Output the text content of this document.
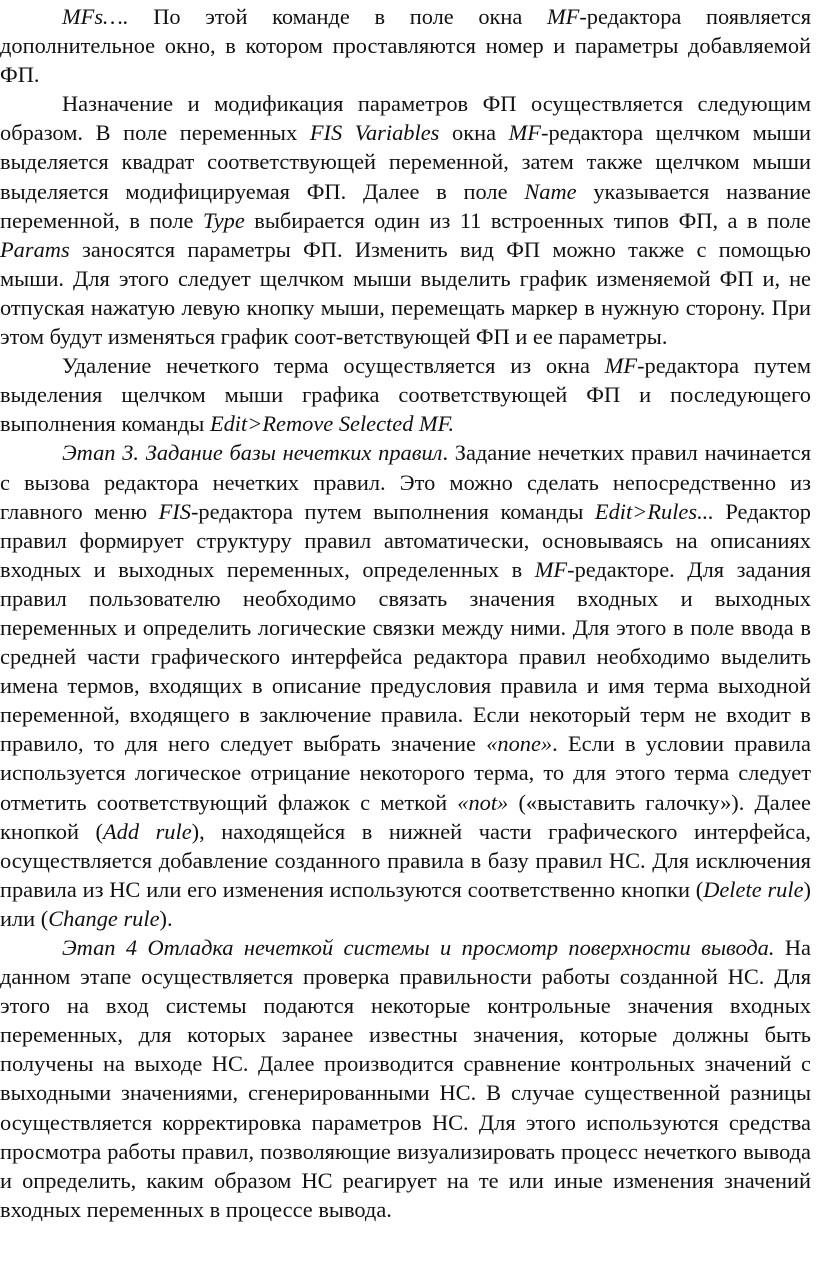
MFs…. По этой команде в поле окна MF-редактора появляется дополнительное окно, в котором проставляются номер и параметры добавляемой ФП.

Назначение и модификация параметров ФП осуществляется следующим образом. В поле переменных FIS Variables окна MF-редактора щелчком мыши выделяется квадрат соответствующей переменной, затем также щелчком мыши выделяется модифицируемая ФП. Далее в поле Name указывается название переменной, в поле Type выбирается один из 11 встроенных типов ФП, а в поле Params заносятся параметры ФП. Изменить вид ФП можно также с помощью мыши. Для этого следует щелчком мыши выделить график изменяемой ФП и, не отпуская нажатую левую кнопку мыши, перемещать маркер в нужную сторону. При этом будут изменяться график соот-ветствующей ФП и ее параметры.

Удаление нечеткого терма осуществляется из окна MF-редактора путем выделения щелчком мыши графика соответствующей ФП и последующего выполнения команды Edit>Remove Selected MF.

Этап 3. Задание базы нечетких правил. Задание нечетких правил начинается с вызова редактора нечетких правил. Это можно сделать непосредственно из главного меню FIS-редактора путем выполнения команды Edit>Rules... Редактор правил формирует структуру правил автоматически, основываясь на описаниях входных и выходных переменных, определенных в MF-редакторе. Для задания правил пользователю необходимо связать значения входных и выходных переменных и определить логические связки между ними. Для этого в поле ввода в средней части графического интерфейса редактора правил необходимо выделить имена термов, входящих в описание предусловия правила и имя терма выходной переменной, входящего в заключение правила. Если некоторый терм не входит в правило, то для него следует выбрать значение «none». Если в условии правила используется логическое отрицание некоторого терма, то для этого терма следует отметить соответствующий флажок с меткой «not» («выставить галочку»). Далее кнопкой (Add rule), находящейся в нижней части графического интерфейса, осуществляется добавление созданного правила в базу правил НС. Для исключения правила из НС или его изменения используются соответственно кнопки (Delete rule) или (Change rule).

Этап 4 Отладка нечеткой системы и просмотр поверхности вывода. На данном этапе осуществляется проверка правильности работы созданной НС. Для этого на вход системы подаются некоторые контрольные значения входных переменных, для которых заранее известны значения, которые должны быть получены на выходе НС. Далее производится сравнение контрольных значений с выходными значениями, сгенерированными НС. В случае существенной разницы осуществляется корректировка параметров НС. Для этого используются средства просмотра работы правил, позволяющие визуализировать процесс нечеткого вывода и определить, каким образом НС реагирует на те или иные изменения значений входных переменных в процессе вывода.
